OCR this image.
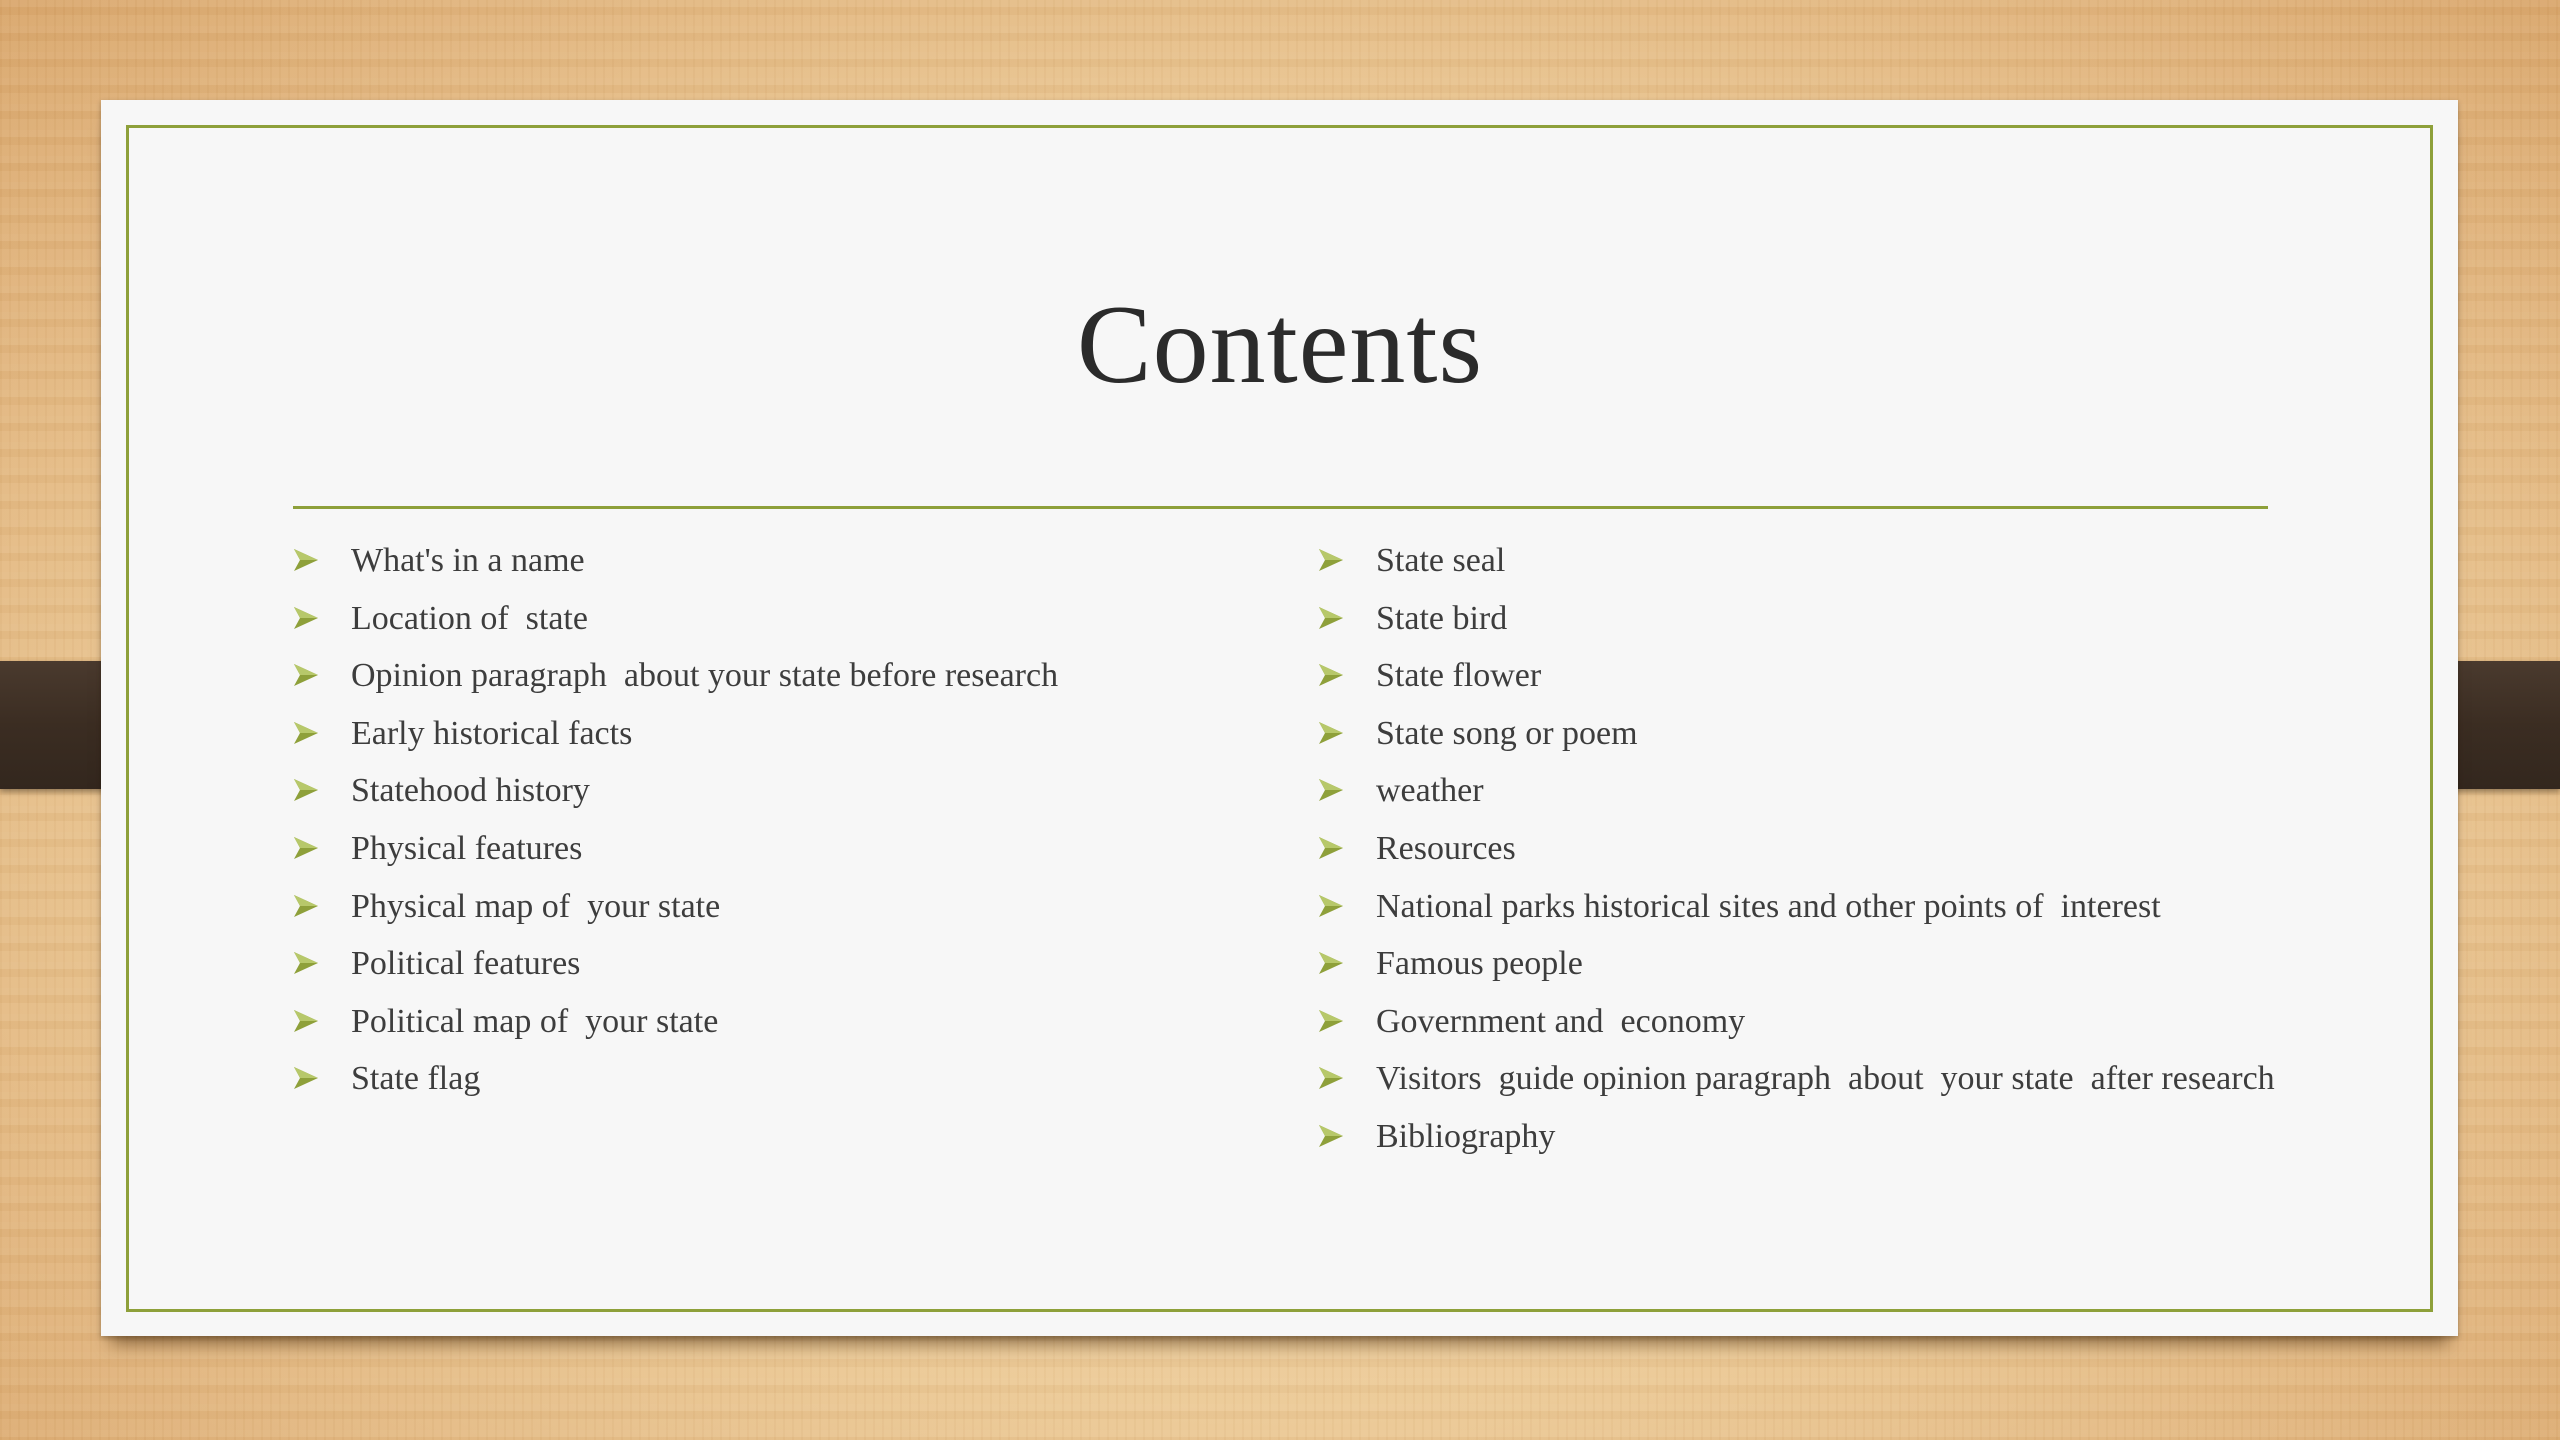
Contents

What's in a name

Location of  state

Opinion paragraph  about your state before research

Early historical facts

Statehood history

Physical features

Physical map of  your state

Political features

Political map of  your state

State flag

State seal

State bird

State flower

State song or poem

weather

Resources

National parks historical sites and other points of  interest

Famous people

Government and  economy

Visitors  guide opinion paragraph  about  your state  after research

Bibliography
